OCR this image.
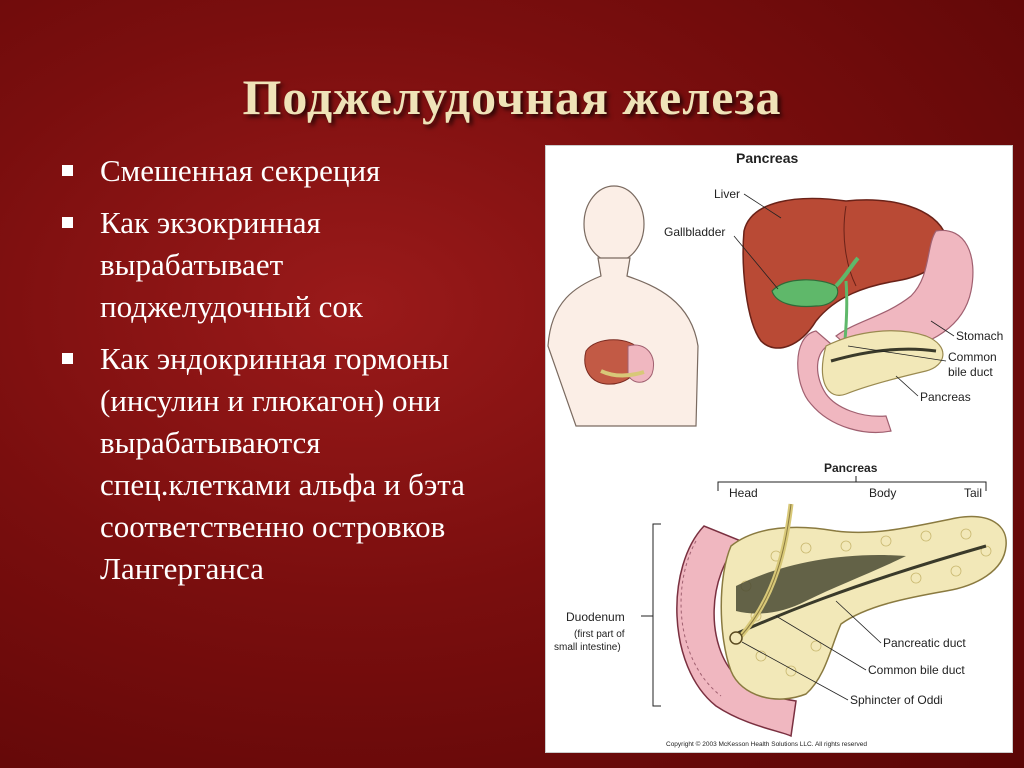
Поджелудочная железа
Смешенная секреция
Как экзокринная вырабатывает поджелудочный сок
Как эндокринная гормоны (инсулин и глюкагон) они вырабатываются спец.клетками альфа и бэта соответственно островков Лангерганса
Pancreas
Liver
Gallbladder
Stomach
Common
bile duct
Pancreas
Pancreas
Head	Body	Tail
Duodenum
(first part of
small intestine)	Pancreatic duct
Common bile duct
Sphincter of Oddi
Copyright © 2003 McKesson Health Solutions LLC. All rights reserved
